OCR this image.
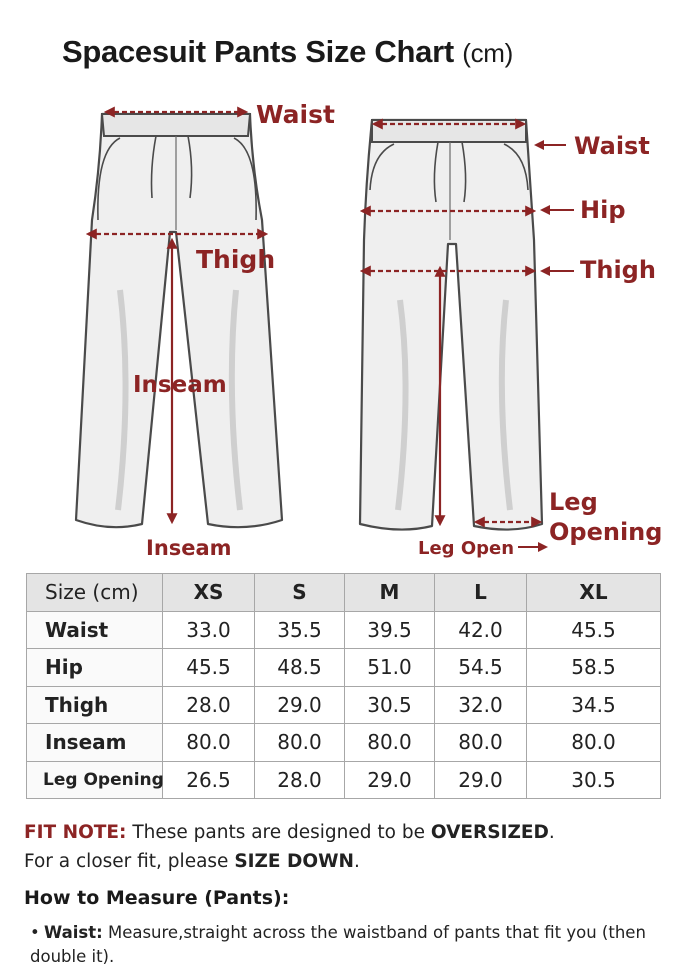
Spacesuit Pants Size Chart (cm)
Waist
Thigh
Inseam
Inseam
Waist
Hip
Thigh
Leg
Opening
Leg Open
Size (cm)	XS	S	M	L	XL
Waist	33.0	35.5	39.5	42.0	45.5
Hip	45.5	48.5	51.0	54.5	58.5
Thigh	28.0	29.0	30.5	32.0	34.5
Inseam	80.0	80.0	80.0	80.0	80.0
Leg Opening	26.5	28.0	29.0	29.0	30.5
FIT NOTE: These pants are designed to be OVERSIZED.
For a closer fit, please SIZE DOWN.
How to Measure (Pants):
• Waist: Measure,straight across the waistband of pants that fit you (then double it).
